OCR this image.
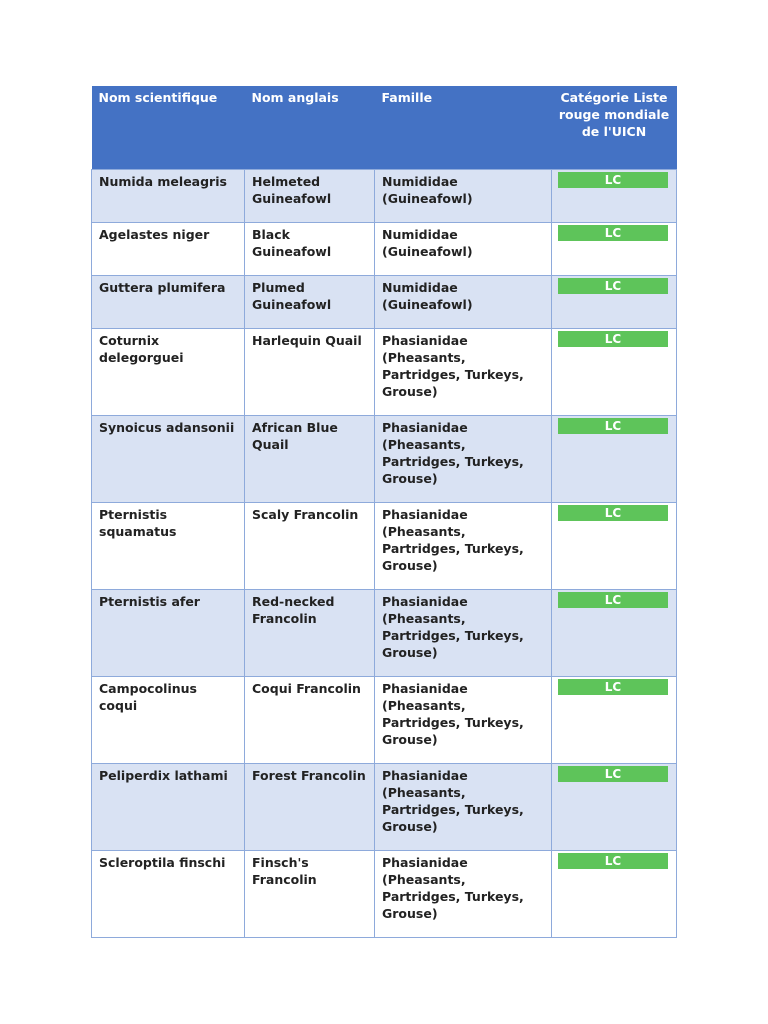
Nom scientifique	Nom anglais	Famille	Catégorie Liste rouge mondiale de l'UICN
Numida meleagris	Helmeted Guineafowl	Numididae (Guineafowl)	LC

Agelastes niger	Black Guineafowl	Numididae (Guineafowl)	LC

Guttera plumifera	Plumed Guineafowl	Numididae (Guineafowl)	LC

Coturnix delegorguei	Harlequin Quail	Phasianidae (Pheasants, Partridges, Turkeys, Grouse)	LC

Synoicus adansonii	African Blue Quail	Phasianidae (Pheasants, Partridges, Turkeys, Grouse)	LC

Pternistis squamatus	Scaly Francolin	Phasianidae (Pheasants, Partridges, Turkeys, Grouse)	LC

Pternistis afer	Red-necked Francolin	Phasianidae (Pheasants, Partridges, Turkeys, Grouse)	LC

Campocolinus coqui	Coqui Francolin	Phasianidae (Pheasants, Partridges, Turkeys, Grouse)	LC

Peliperdix lathami	Forest Francolin	Phasianidae (Pheasants, Partridges, Turkeys, Grouse)	LC

Scleroptila finschi	Finsch's Francolin	Phasianidae (Pheasants, Partridges, Turkeys, Grouse)	LC
